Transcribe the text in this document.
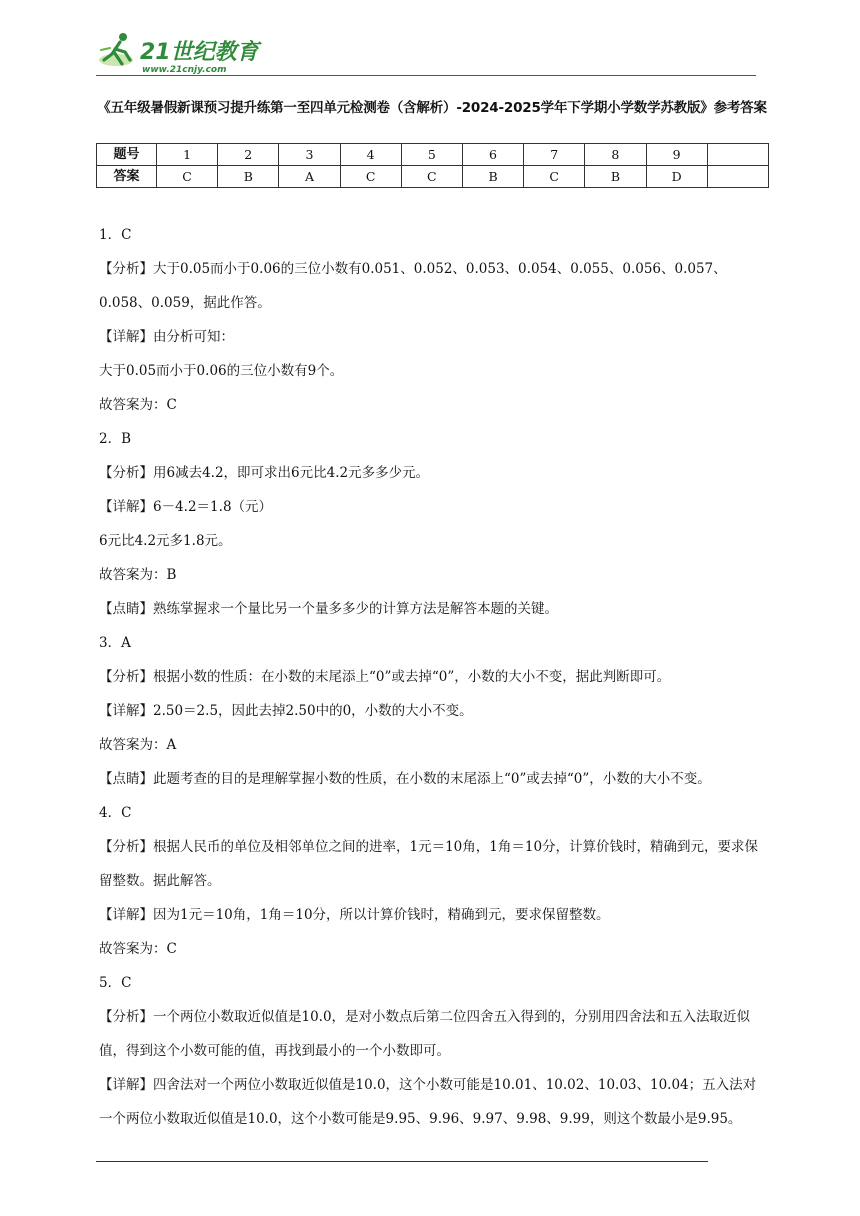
21世纪教育
www.21cnjy.com
《五年级暑假新课预习提升练第一至四单元检测卷（含解析）-2024-2025学年下学期小学数学苏教版》参考答案
题号	1	2	3	4	5	6	7	8	9	
答案	C	B	A	C	C	B	C	B	D	

1．C

【分析】大于0.05而小于0.06的三位小数有0.051、0.052、0.053、0.054、0.055、0.056、0.057、0.058、0.059，据此作答。

【详解】由分析可知：

大于0.05而小于0.06的三位小数有9个。

故答案为：C

2．B

【分析】用6减去4.2，即可求出6元比4.2元多多少元。

【详解】6－4.2＝1.8（元）

6元比4.2元多1.8元。

故答案为：B

【点睛】熟练掌握求一个量比另一个量多多少的计算方法是解答本题的关键。

3．A

【分析】根据小数的性质：在小数的末尾添上“0”或去掉“0”，小数的大小不变，据此判断即可。

【详解】2.50＝2.5，因此去掉2.50中的0，小数的大小不变。

故答案为：A

【点睛】此题考查的目的是理解掌握小数的性质，在小数的末尾添上“0”或去掉“0”，小数的大小不变。

4．C

【分析】根据人民币的单位及相邻单位之间的进率，1元＝10角，1角＝10分，计算价钱时，精确到元，要求保留整数。据此解答。

【详解】因为1元＝10角，1角＝10分，所以计算价钱时，精确到元，要求保留整数。

故答案为：C

5．C

【分析】一个两位小数取近似值是10.0，是对小数点后第二位四舍五入得到的，分别用四舍法和五入法取近似值，得到这个小数可能的值，再找到最小的一个小数即可。

【详解】四舍法对一个两位小数取近似值是10.0，这个小数可能是10.01、10.02、10.03、10.04；五入法对一个两位小数取近似值是10.0，这个小数可能是9.95、9.96、9.97、9.98、9.99，则这个数最小是9.95。
